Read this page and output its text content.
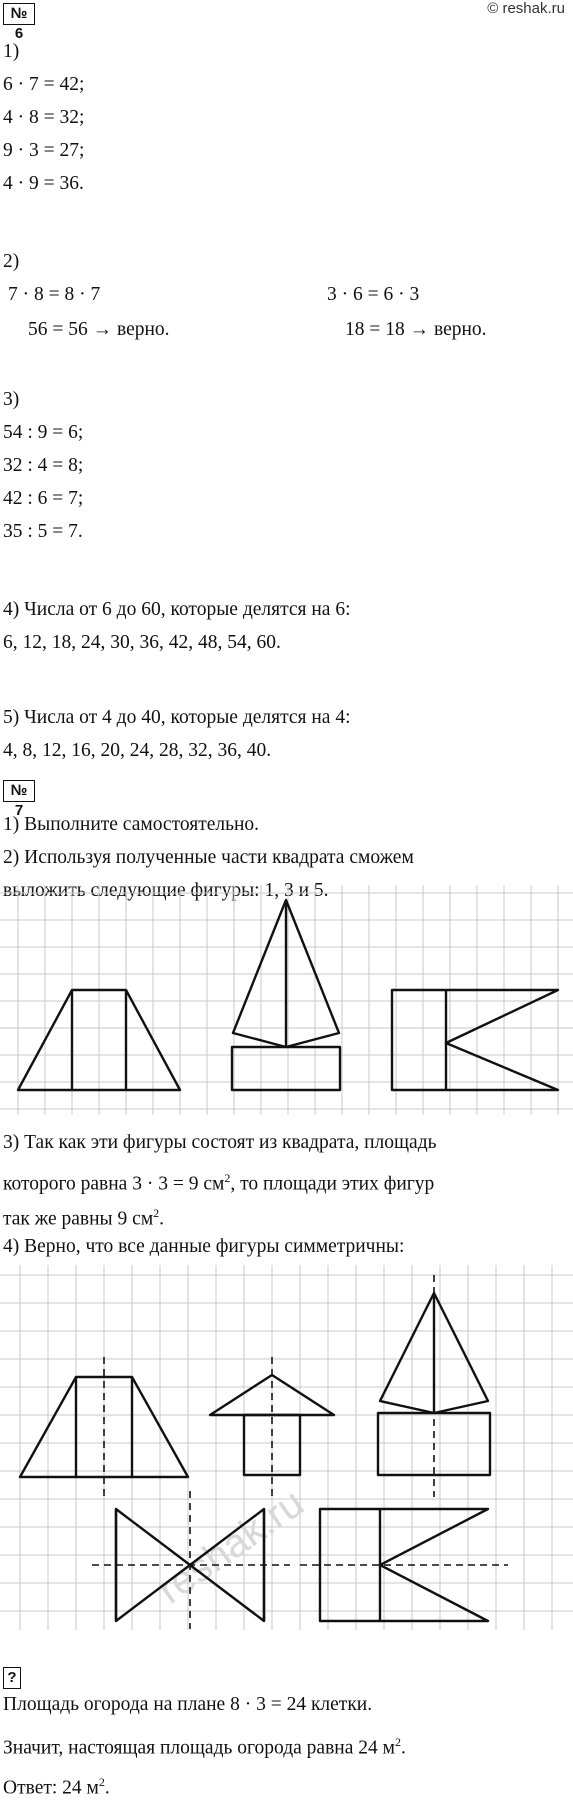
© reshak.ru
№ 6
1)
6 · 7 = 42;
4 · 8 = 32;
9 · 3 = 27;
4 · 9 = 36.
2)
7 · 8 = 8 · 7
56 = 56 → верно.
3 · 6 = 6 · 3
18 = 18 → верно.
3)
54 : 9 = 6;
32 : 4 = 8;
42 : 6 = 7;
35 : 5 = 7.
4) Числа от 6 до 60, которые делятся на 6:
6, 12, 18, 24, 30, 36, 42, 48, 54, 60.
5) Числа от 4 до 40, которые делятся на 4:
4, 8, 12, 16, 20, 24, 28, 32, 36, 40.
№ 7
1) Выполните самостоятельно.
2) Используя полученные части квадрата сможем
выложить следующие фигуры: 1, 3 и 5.
3) Так как эти фигуры состоят из квадрата, площадь
которого равна 3 · 3 = 9 $см^2$, то площади этих фигур
так же равны 9 $см^2$.
4) Верно, что все данные фигуры симметричны:
reshak.ru
?
Площадь огорода на плане 8 · 3 = 24 клетки.
Значит, настоящая площадь огорода равна 24 $м^2$.
Ответ: 24 $м^2$.
